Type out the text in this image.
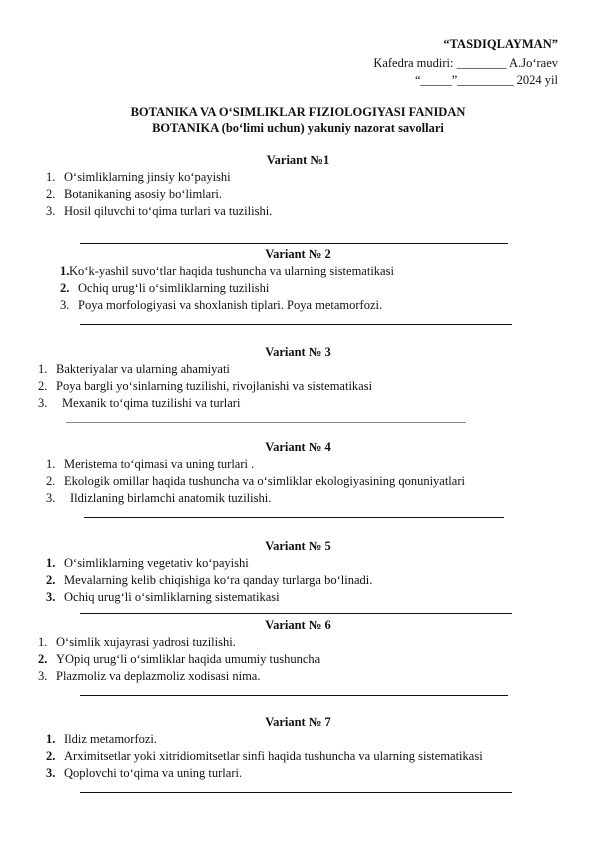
“TASDIQLAYMAN”
Kafedra mudiri: ________ A.Jo‘raev
“_____”_________ 2024 yil
BOTANIKA VA O‘SIMLIKLAR FIZIOLOGIYASI FANIDAN
BOTANIKA (bo‘limi uchun) yakuniy nazorat savollari
Variant №1
1. O‘simliklarning jinsiy ko‘payishi
2. Botanikaning asosiy bo‘limlari.
3. Hosil qiluvchi to‘qima turlari va tuzilishi.
Variant № 2
1.Ko‘k-yashil suvo‘tlar haqida tushuncha va ularning sistematikasi
2. Ochiq urug‘li o‘simliklarning tuzilishi
3. Poya morfologiyasi va shoxlanish tiplari. Poya metamorfozi.
Variant № 3
1. Bakteriyalar va ularning ahamiyati
2. Poya bargli yo‘sinlarning tuzilishi, rivojlanishi va sistematikasi
3. Mexanik to‘qima tuzilishi va turlari
Variant № 4
1. Meristema to‘qimasi va uning turlari .
2. Ekologik omillar haqida tushuncha va o‘simliklar ekologiyasining qonuniyatlari
3. Ildizlaning birlamchi anatomik tuzilishi.
Variant № 5
1. O‘simliklarning vegetativ ko‘payishi
2. Mevalarning kelib chiqishiga ko‘ra qanday turlarga bo‘linadi.
3. Ochiq urug‘li o‘simliklarning sistematikasi
Variant № 6
1. O‘simlik xujayrasi yadrosi tuzilishi.
2. YOpiq urug‘li o‘simliklar haqida umumiy tushuncha
3. Plazmoliz va deplazmoliz xodisasi nima.
Variant № 7
1. Ildiz metamorfozi.
2. Arximitsetlar yoki xitridiomitsetlar sinfi haqida tushuncha va ularning sistematikasi
3. Qoplovchi to‘qima va uning turlari.
